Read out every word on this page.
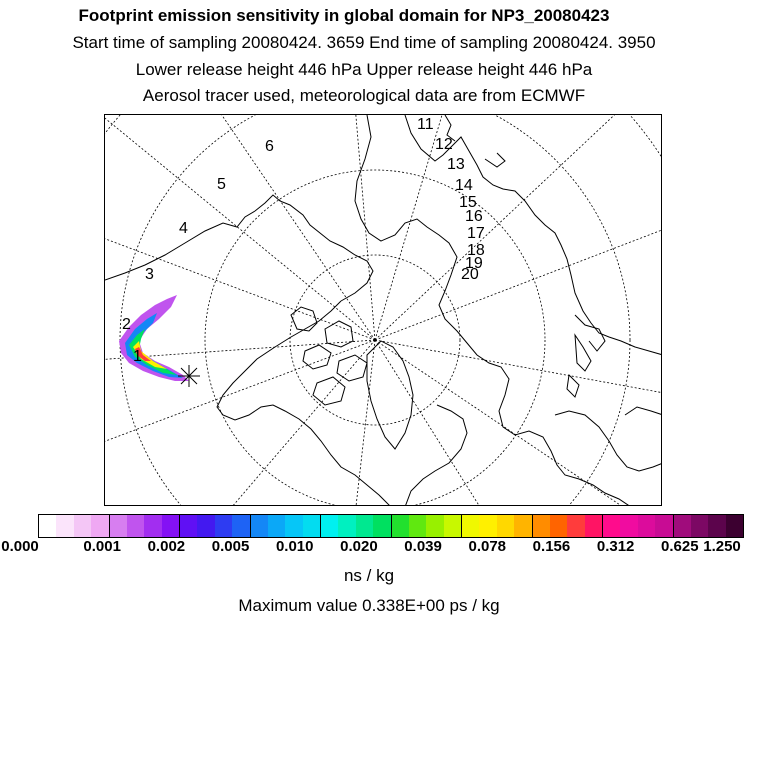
Footprint emission sensitivity in global domain for NP3_20080423
Start time of sampling 20080424. 3659 End time of sampling 20080424. 3950
Lower release height 446 hPa Upper release height 446 hPa
Aerosol tracer used, meteorological data are from ECMWF
1
2
3
4
5
6
11
12
13
14
15
16
17
18
19
20
0.000	0.001 0.002 0.005 0.010 0.020 0.039 0.078 0.156 0.312 0.625 1.250
ns / kg
Maximum value 0.338E+00 ps / kg
